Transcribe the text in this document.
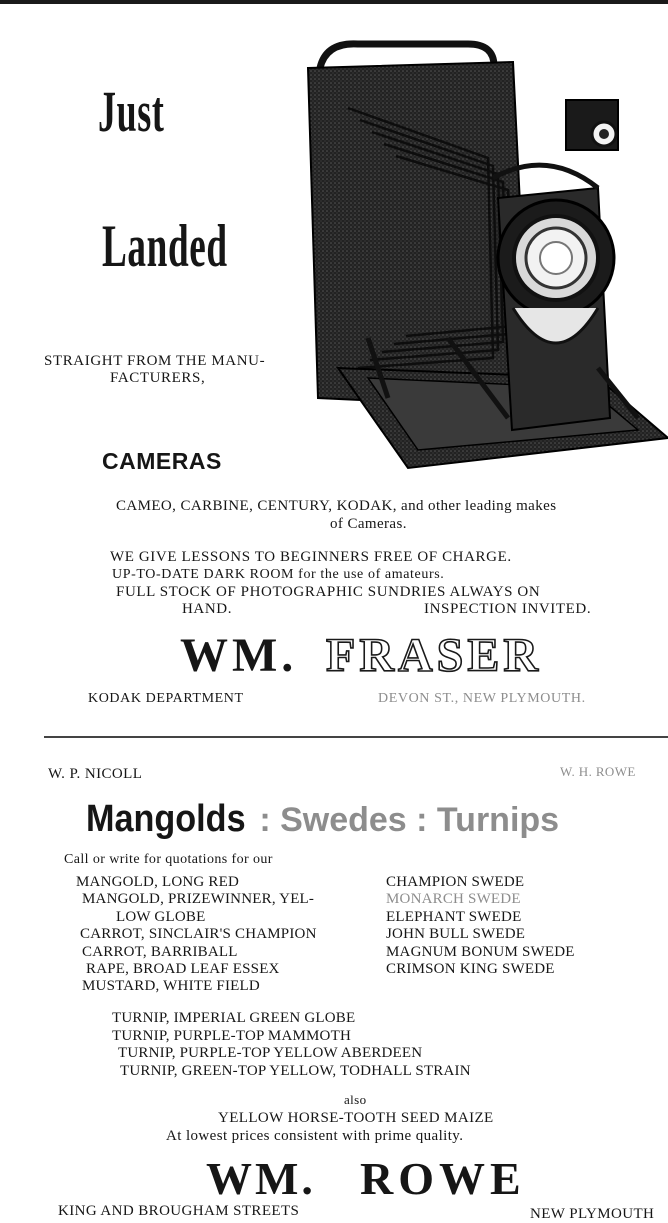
Just
Landed
STRAIGHT FROM THE MANU-
FACTURERS,
CAMERAS
CAMEO, CARBINE, CENTURY, KODAK, and other leading makes
of Cameras.
WE GIVE LESSONS TO BEGINNERS FREE OF CHARGE.
UP-TO-DATE DARK ROOM for the use of amateurs.
FULL STOCK OF PHOTOGRAPHIC SUNDRIES ALWAYS ON
HAND.	INSPECTION INVITED.
WM. FRASER
KODAK DEPARTMENT	DEVON ST., NEW PLYMOUTH.
W. P. NICOLL	W. H. ROWE
Mangolds : Swedes : Turnips
Call or write for quotations for our
MANGOLD, LONG RED
MANGOLD, PRIZEWINNER, YEL-
LOW GLOBE
CARROT, SINCLAIR'S CHAMPION
CARROT, BARRIBALL
RAPE, BROAD LEAF ESSEX
MUSTARD, WHITE FIELD
CHAMPION SWEDE
MONARCH SWEDE
ELEPHANT SWEDE
JOHN BULL SWEDE
MAGNUM BONUM SWEDE
CRIMSON KING SWEDE
TURNIP, IMPERIAL GREEN GLOBE
TURNIP, PURPLE-TOP MAMMOTH
TURNIP, PURPLE-TOP YELLOW ABERDEEN
TURNIP, GREEN-TOP YELLOW, TODHALL STRAIN
also
YELLOW HORSE-TOOTH SEED MAIZE
At lowest prices consistent with prime quality.
WM. ROWE
KING AND BROUGHAM STREETS	NEW PLYMOUTH
